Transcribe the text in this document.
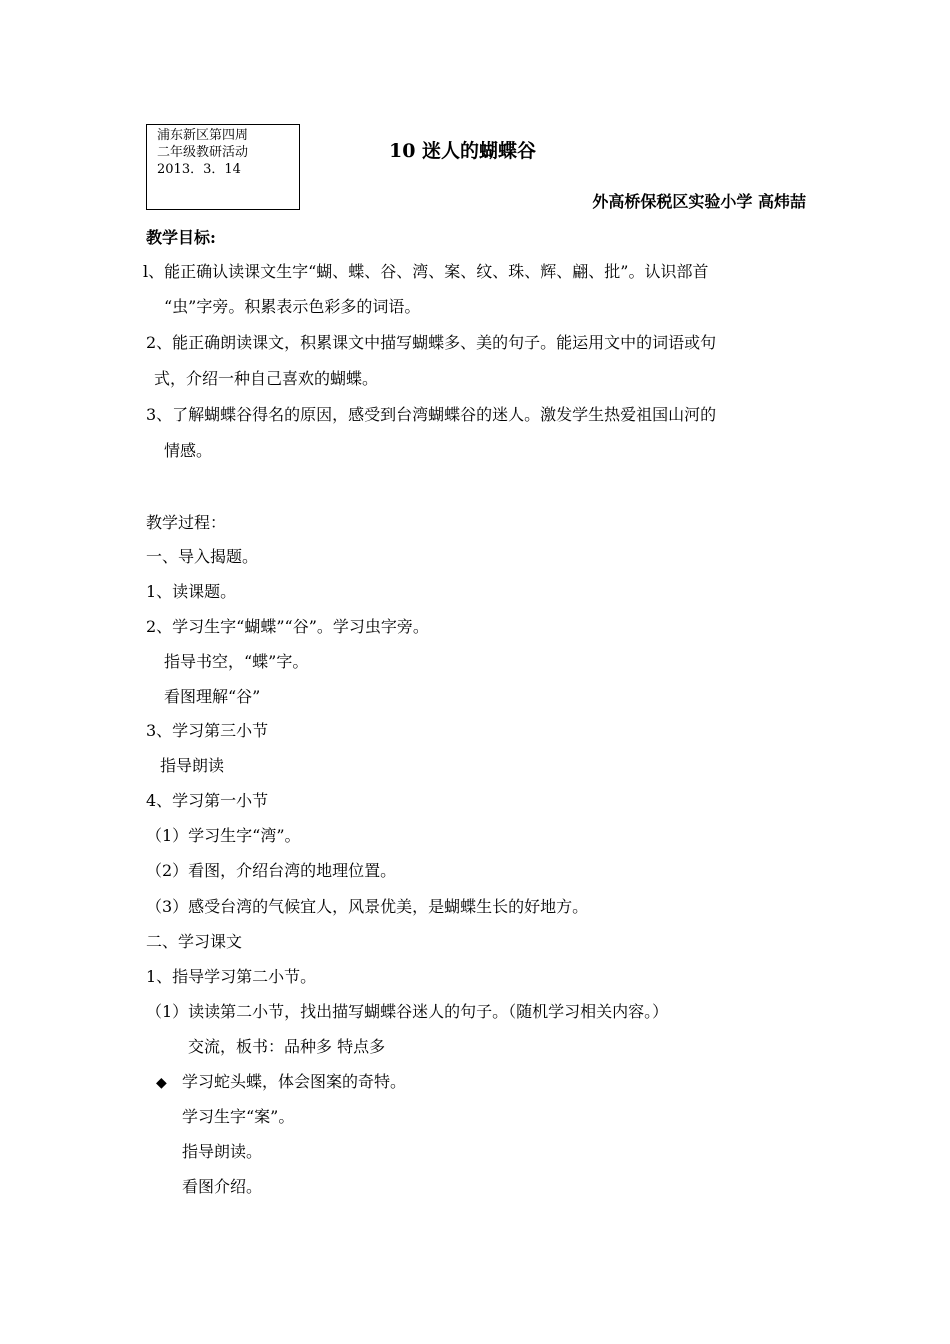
浦东新区第四周
二年级教研活动
2013．3．14
10 迷人的蝴蝶谷
外高桥保税区实验小学 高炜喆
教学目标:
l、能正确认读课文生字“蝴、蝶、谷、湾、案、纹、珠、辉、翩、批”。认识部首
“虫”字旁。积累表示色彩多的词语。
2、能正确朗读课文，积累课文中描写蝴蝶多、美的句子。能运用文中的词语或句
式，介绍一种自己喜欢的蝴蝶。
3、了解蝴蝶谷得名的原因，感受到台湾蝴蝶谷的迷人。激发学生热爱祖国山河的
情感。
教学过程：
一、导入揭题。
1、读课题。
2、学习生字“蝴蝶”“谷”。学习虫字旁。
指导书空，“蝶”字。
看图理解“谷”
3、学习第三小节
指导朗读
4、学习第一小节
（1）学习生字“湾”。
（2）看图，介绍台湾的地理位置。
（3）感受台湾的气候宜人，风景优美，是蝴蝶生长的好地方。
二、学习课文
1、指导学习第二小节。
（1）读读第二小节，找出描写蝴蝶谷迷人的句子。（随机学习相关内容。）
交流，板书：品种多 特点多
◆ 学习蛇头蝶，体会图案的奇特。
学习生字“案”。
指导朗读。
看图介绍。
